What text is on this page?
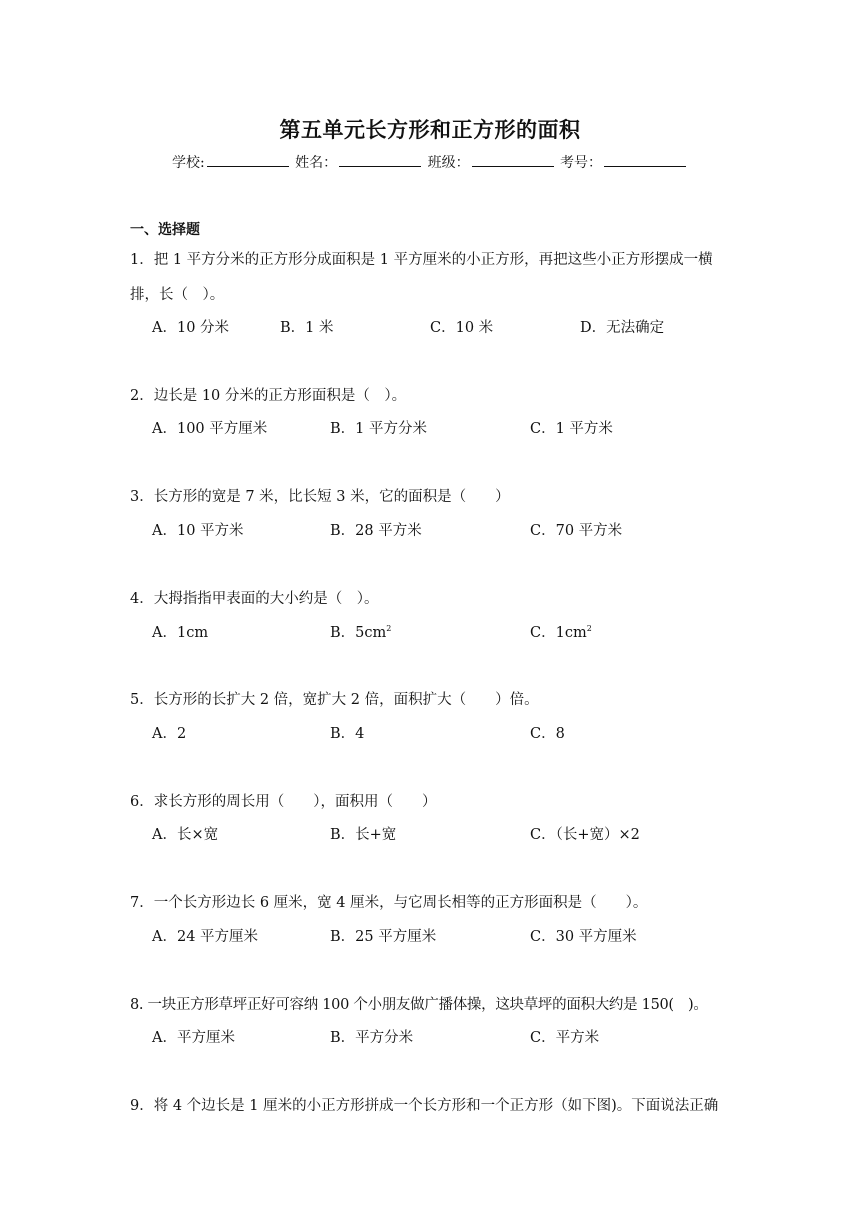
第五单元长方形和正方形的面积
学校:	姓名：	班级：	考号：
一、选择题
1．把 1 平方分米的正方形分成面积是 1 平方厘米的小正方形，再把这些小正方形摆成一横
排，长（　）。
A．10 分米	B．1 米	C．10 米	D．无法确定
2．边长是 10 分米的正方形面积是（　）。
A．100 平方厘米	B．1 平方分米	C．1 平方米
3．长方形的宽是 7 米，比长短 3 米，它的面积是（　　）
A．10 平方米	B．28 平方米	C．70 平方米
4．大拇指指甲表面的大小约是（　）。
A．1cm	B．$5cm^2$	C．$1cm^2$
5．长方形的长扩大 2 倍，宽扩大 2 倍，面积扩大（　　）倍。
A．2	B．4	C．8
6．求长方形的周长用（　　），面积用（　　）
A．长×宽	B．长+宽	C．（长+宽）×2
7．一个长方形边长 6 厘米，宽 4 厘米，与它周长相等的正方形面积是（　　）。
A．24 平方厘米	B．25 平方厘米	C．30 平方厘米
8. 一块正方形草坪正好可容纳 100 个小朋友做广播体操，这块草坪的面积大约是 150(　)。
A．平方厘米	B．平方分米	C．平方米
9．将 4 个边长是 1 厘米的小正方形拼成一个长方形和一个正方形（如下图)。下面说法正确
